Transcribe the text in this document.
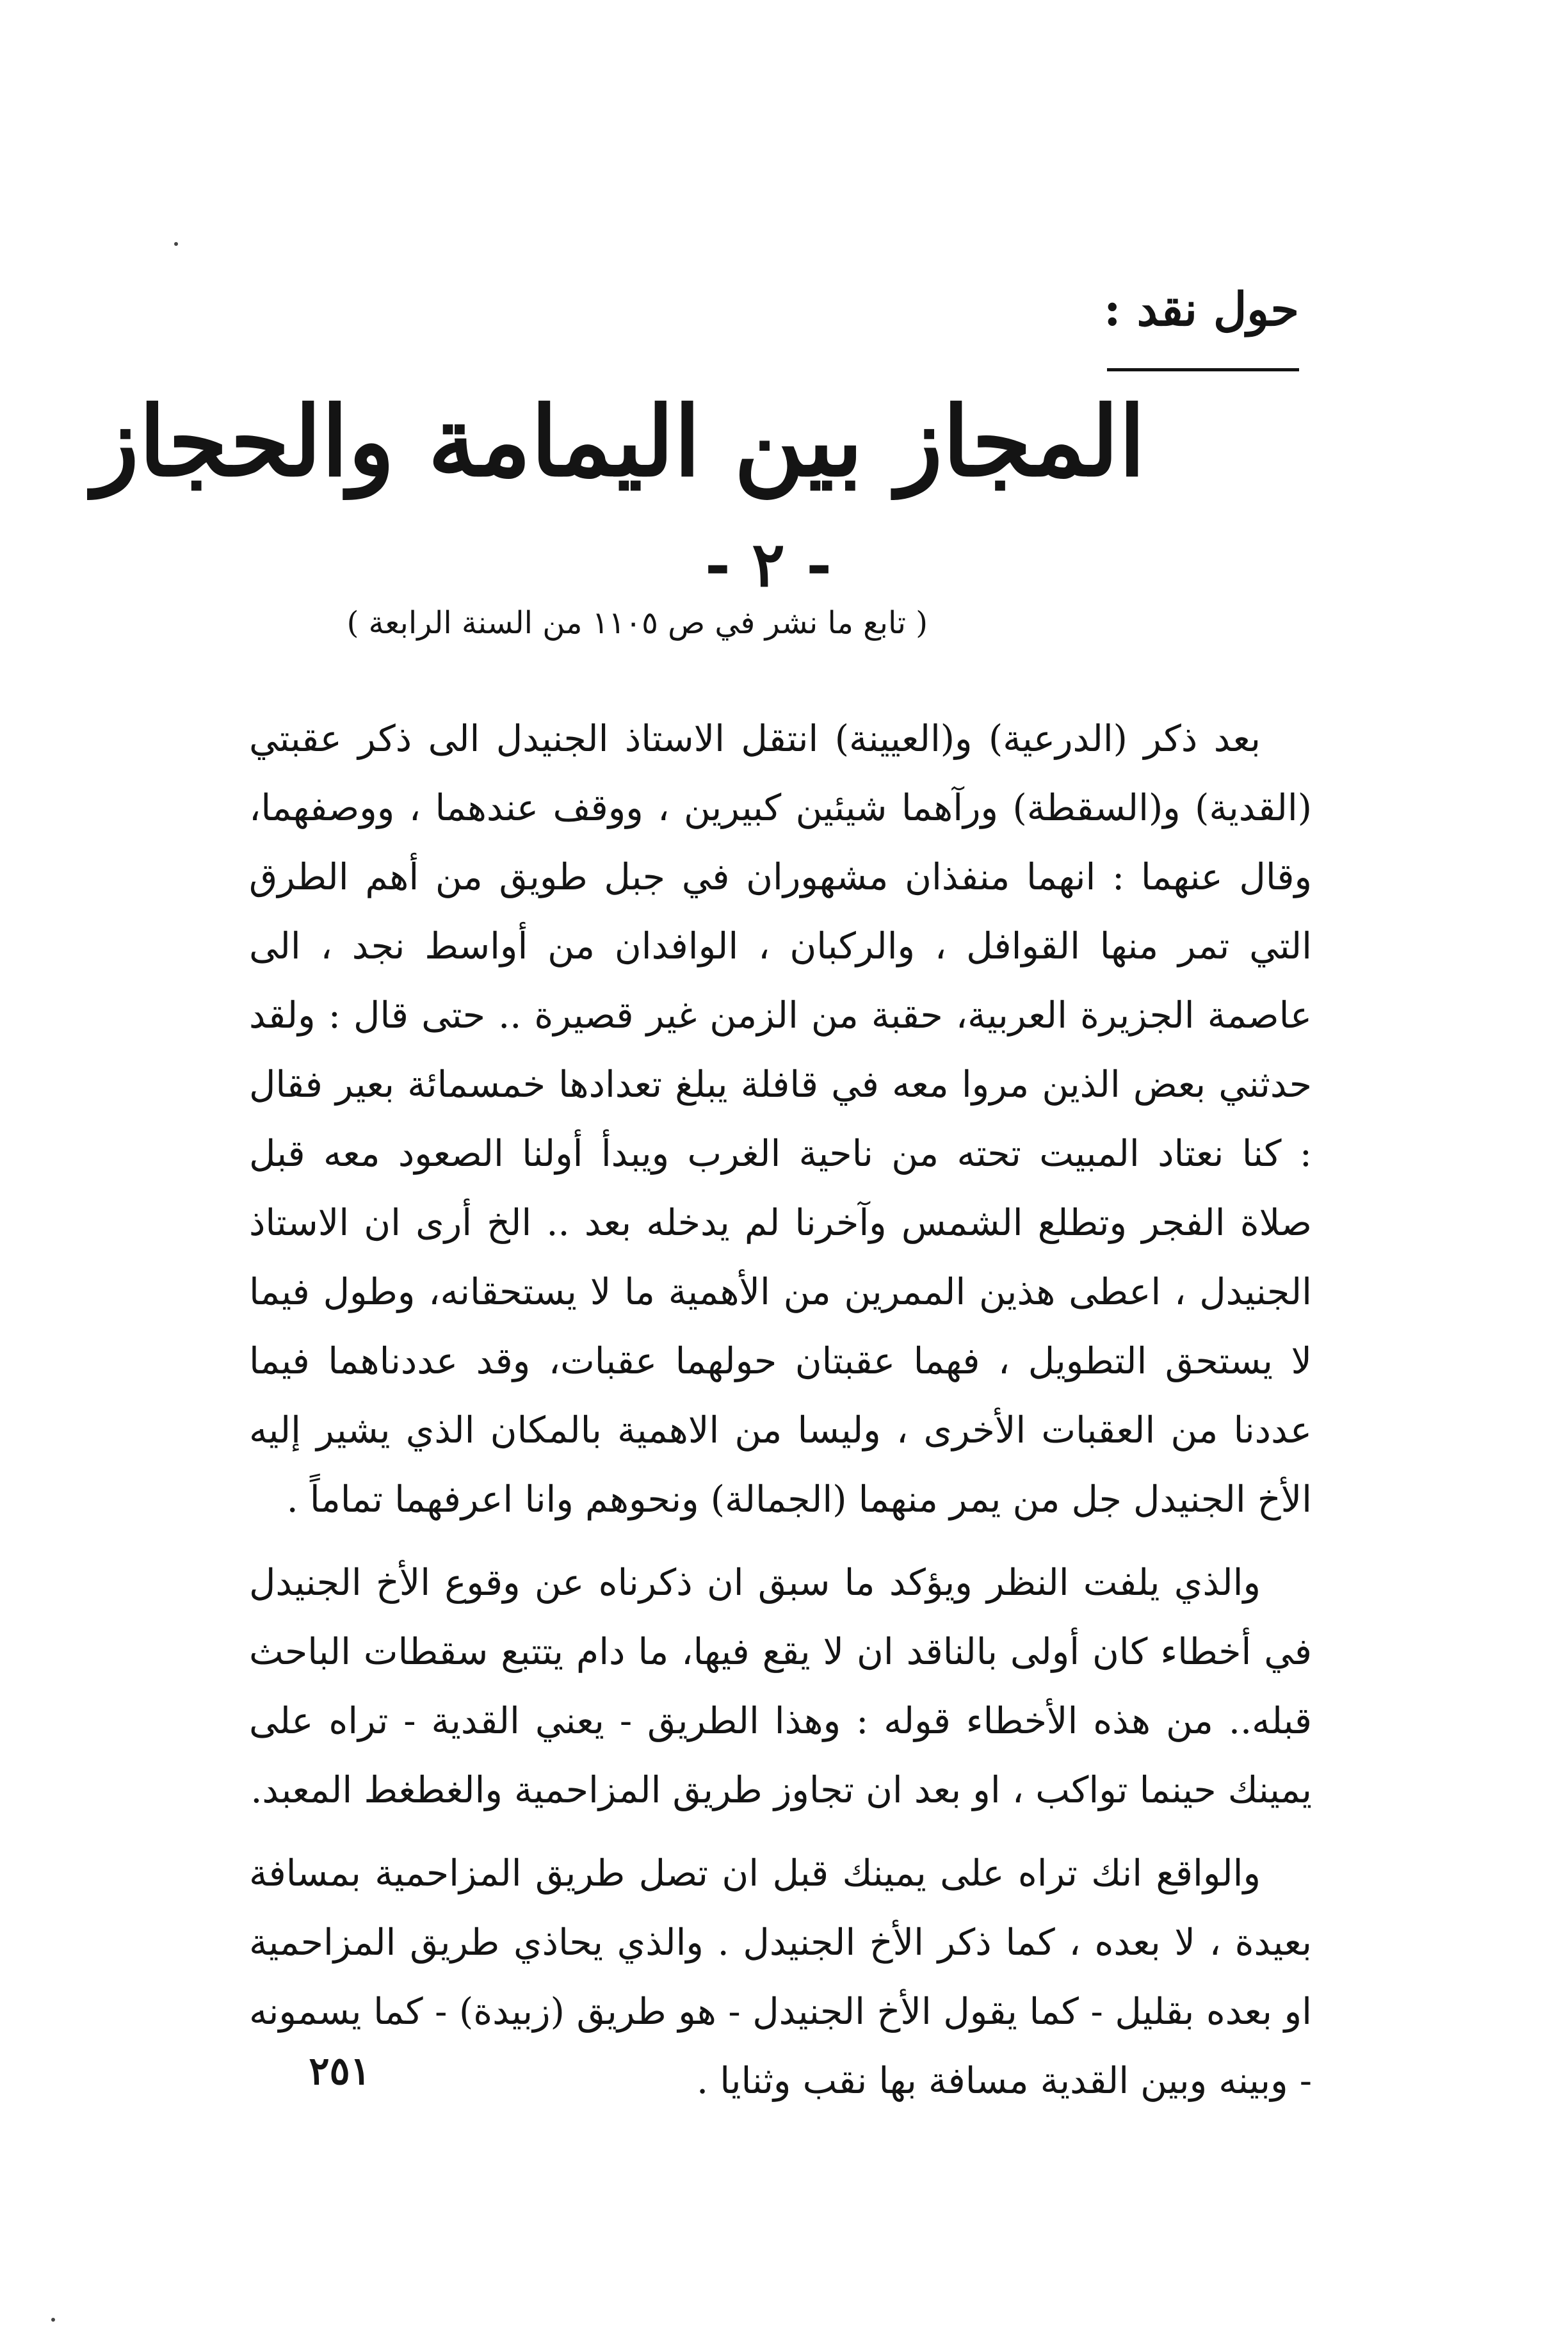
حول نقد :
المجاز بين اليمامة والحجاز
- ٢ -
( تابع ما نشر في ص ١١٠٥ من السنة الرابعة )

بعد ذكر (الدرعية) و(العيينة) انتقل الاستاذ الجنيدل الى ذكر عقبتي (القدية) و(السقطة) ورآهما شيئين كبيرين ، ووقف عندهما ، ووصفهما، وقال عنهما : انهما منفذان مشهوران في جبل طويق من أهم الطرق التي تمر منها القوافل ، والركبان ، الوافدان من أواسط نجد ، الى عاصمة الجزيرة العربية، حقبة من الزمن غير قصيرة .. حتى قال : ولقد حدثني بعض الذين مروا معه في قافلة يبلغ تعدادها خمسمائة بعير فقال : كنا نعتاد المبيت تحته من ناحية الغرب ويبدأ أولنا الصعود معه قبل صلاة الفجر وتطلع الشمس وآخرنا لم يدخله بعد .. الخ أرى ان الاستاذ الجنيدل ، اعطى هذين الممرين من الأهمية ما لا يستحقانه، وطول فيما لا يستحق التطويل ، فهما عقبتان حولهما عقبات، وقد عددناهما فيما عددنا من العقبات الأخرى ، وليسا من الاهمية بالمكان الذي يشير إليه الأخ الجنيدل جل من يمر منهما (الجمالة) ونحوهم وانا اعرفهما تماماً .

والذي يلفت النظر ويؤكد ما سبق ان ذكرناه عن وقوع الأخ الجنيدل في أخطاء كان أولى بالناقد ان لا يقع فيها، ما دام يتتبع سقطات الباحث قبله.. من هذه الأخطاء قوله : وهذا الطريق - يعني القدية - تراه على يمينك حينما تواكب ، او بعد ان تجاوز طريق المزاحمية والغطغط المعبد.

والواقع انك تراه على يمينك قبل ان تصل طريق المزاحمية بمسافة بعيدة ، لا بعده ، كما ذكر الأخ الجنيدل . والذي يحاذي طريق المزاحمية او بعده بقليل - كما يقول الأخ الجنيدل - هو طريق (زبيدة) - كما يسمونه - وبينه وبين القدية مسافة بها نقب وثنايا .

٢٥١
